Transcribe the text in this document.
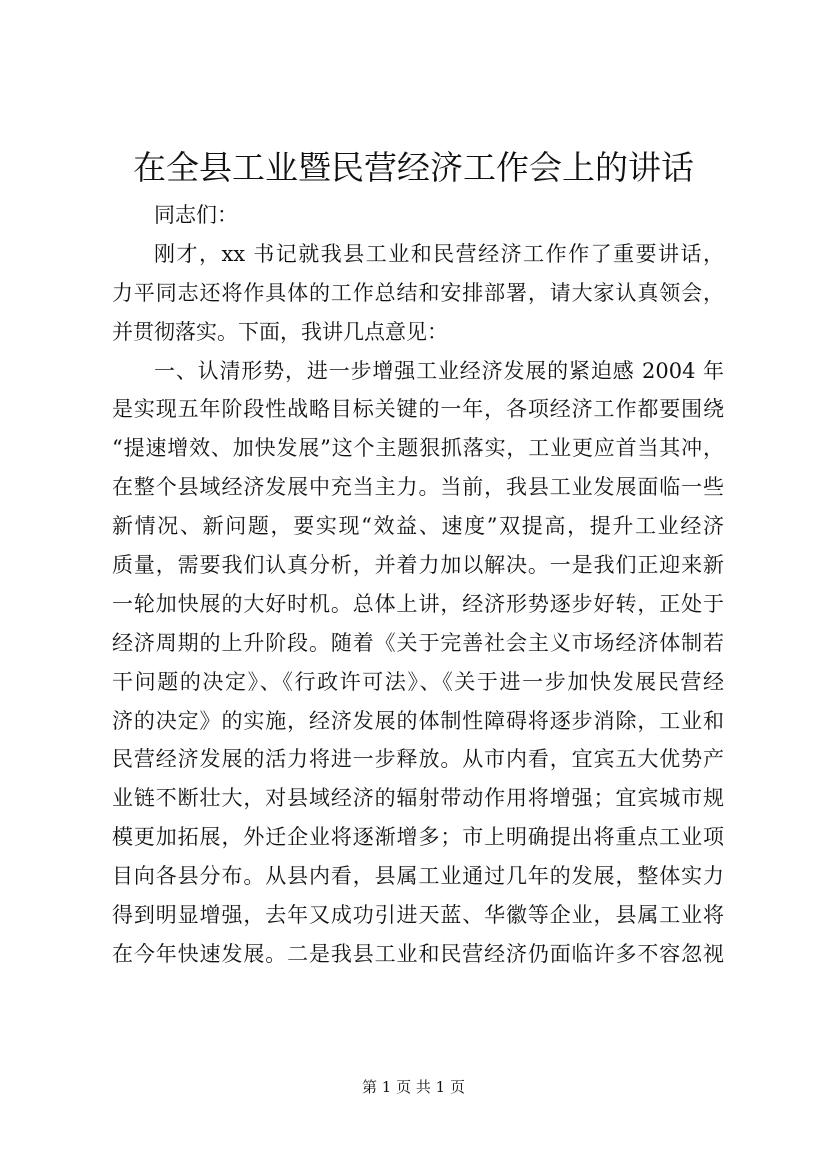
在全县工业暨民营经济工作会上的讲话
同志们：
刚才，xx 书记就我县工业和民营经济工作作了重要讲话，
力平同志还将作具体的工作总结和安排部署，请大家认真领会，
并贯彻落实。下面，我讲几点意见：
一、认清形势，进一步增强工业经济发展的紧迫感 2004 年
是实现五年阶段性战略目标关键的一年，各项经济工作都要围绕
“提速增效、加快发展”这个主题狠抓落实，工业更应首当其冲，
在整个县域经济发展中充当主力。当前，我县工业发展面临一些
新情况、新问题，要实现“效益、速度”双提高，提升工业经济
质量，需要我们认真分析，并着力加以解决。一是我们正迎来新
一轮加快展的大好时机。总体上讲，经济形势逐步好转，正处于
经济周期的上升阶段。随着《关于完善社会主义市场经济体制若
干问题的决定》、《行政许可法》、《关于进一步加快发展民营经
济的决定》的实施，经济发展的体制性障碍将逐步消除，工业和
民营经济发展的活力将进一步释放。从市内看，宜宾五大优势产
业链不断壮大，对县域经济的辐射带动作用将增强；宜宾城市规
模更加拓展，外迁企业将逐渐增多；市上明确提出将重点工业项
目向各县分布。从县内看，县属工业通过几年的发展，整体实力
得到明显增强，去年又成功引进天蓝、华徽等企业，县属工业将
在今年快速发展。二是我县工业和民营经济仍面临许多不容忽视
第 1 页 共 1 页
